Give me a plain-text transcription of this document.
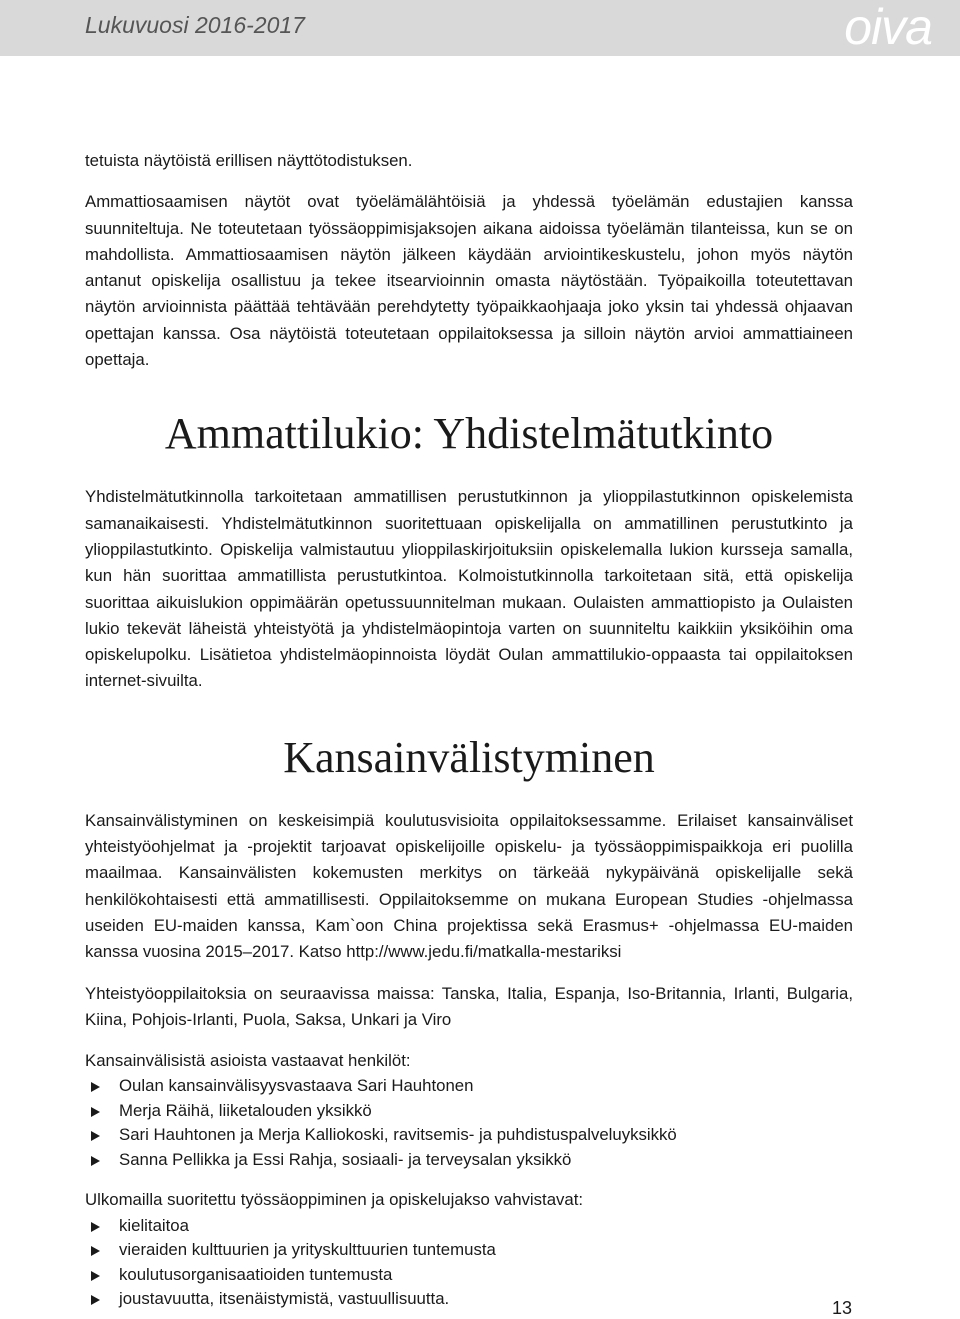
Lukuvuosi 2016-2017	oiva

tetuista näytöistä erillisen näyttötodistuksen.

Ammattiosaamisen näytöt ovat työelämälähtöisiä ja yhdessä työelämän edustajien kanssa suunniteltuja. Ne toteutetaan työssäoppimisjaksojen aikana aidoissa työelämän tilanteissa, kun se on mahdollista. Ammattiosaamisen näytön jälkeen käydään arviointikeskustelu, johon myös näytön antanut opiskelija osallistuu ja tekee itsearvioinnin omasta näytöstään. Työpaikoilla toteutettavan näytön arvioinnista päättää tehtävään perehdytetty työpaikkaohjaaja joko yksin tai yhdessä ohjaavan opettajan kanssa. Osa näytöistä toteutetaan oppilaitoksessa ja silloin näytön arvioi ammattiaineen opettaja.

Ammattilukio: Yhdistelmätutkinto

Yhdistelmätutkinnolla tarkoitetaan ammatillisen perustutkinnon ja ylioppilastutkinnon opiskelemista samanaikaisesti. Yhdistelmätutkinnon suoritettuaan opiskelijalla on ammatillinen perustutkinto ja ylioppilastutkinto. Opiskelija valmistautuu ylioppilaskirjoituksiin opiskelemalla lukion kursseja samalla, kun hän suorittaa ammatillista perustutkintoa. Kolmoistutkinnolla tarkoitetaan sitä, että opiskelija suorittaa aikuislukion oppimäärän opetussuunnitelman mukaan. Oulaisten ammattiopisto ja Oulaisten lukio tekevät läheistä yhteistyötä ja yhdistelmäopintoja varten on suunniteltu kaikkiin yksiköihin oma opiskelupolku. Lisätietoa yhdistelmäopinnoista löydät Oulan ammattilukio-oppaasta tai oppilaitoksen internet-sivuilta.

Kansainvälistyminen

Kansainvälistyminen on keskeisimpiä koulutusvisioita oppilaitoksessamme. Erilaiset kansainväliset yhteistyöohjelmat ja -projektit tarjoavat opiskelijoille opiskelu- ja työssäoppimispaikkoja eri puolilla maailmaa. Kansainvälisten kokemusten merkitys on tärkeää nykypäivänä opiskelijalle sekä henkilökohtaisesti että ammatillisesti. Oppilaitoksemme on mukana European Studies -ohjelmassa useiden EU-maiden kanssa, Kam`oon China projektissa sekä Erasmus+ -ohjelmassa EU-maiden kanssa vuosina 2015–2017. Katso http://www.jedu.fi/matkalla-mestariksi

Yhteistyöoppilaitoksia on seuraavissa maissa: Tanska, Italia, Espanja, Iso-Britannia, Irlanti, Bulgaria, Kiina, Pohjois-Irlanti, Puola, Saksa, Unkari ja Viro

Kansainvälisistä asioista vastaavat henkilöt:

Oulan kansainvälisyysvastaava Sari Hauhtonen
Merja Räihä, liiketalouden yksikkö
Sari Hauhtonen ja Merja Kalliokoski, ravitsemis- ja puhdistuspalveluyksikkö
Sanna Pellikka ja Essi Rahja, sosiaali- ja terveysalan yksikkö

Ulkomailla suoritettu työssäoppiminen ja opiskelujakso vahvistavat:

kielitaitoa
vieraiden kulttuurien ja yrityskulttuurien tuntemusta
koulutusorganisaatioiden tuntemusta
joustavuutta, itsenäistymistä, vastuullisuutta.	13
